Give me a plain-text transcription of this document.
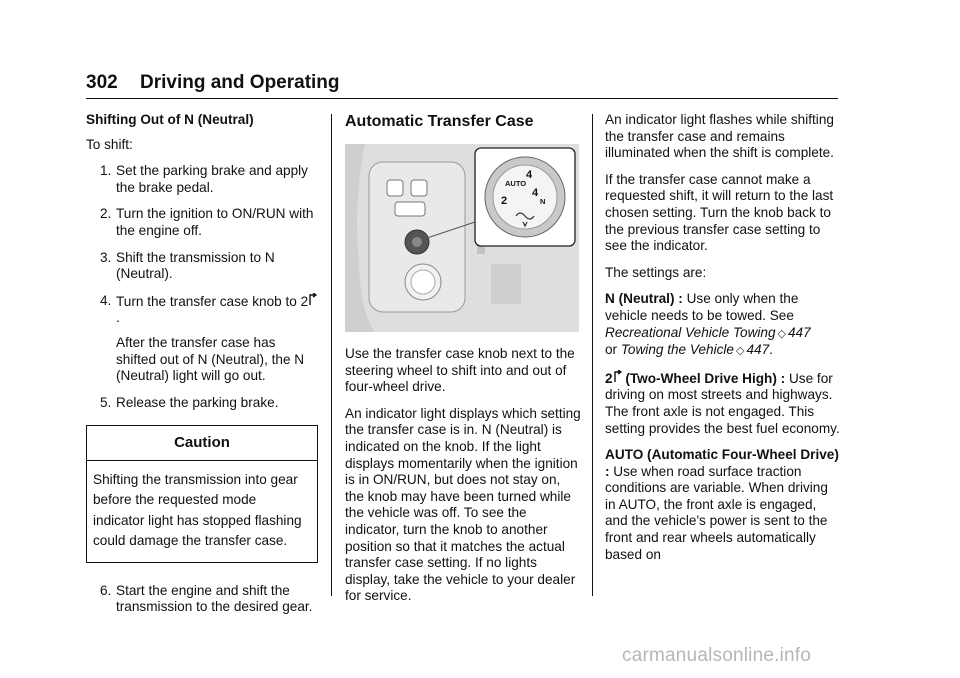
302 Driving and Operating

Shifting Out of N (Neutral)

To shift:

1. Set the parking brake and apply the brake pedal.
2. Turn the ignition to ON/RUN with the engine off.
3. Shift the transmission to N (Neutral).
4. Turn the transfer case knob to 2.
After the transfer case has shifted out of N (Neutral), the N (Neutral) light will go out.
5. Release the parking brake.
Caution
Shifting the transmission into gear before the requested mode indicator light has stopped flashing could damage the transfer case.
6. Start the engine and shift the transmission to the desired gear.

Automatic Transfer Case

AUTO
4
4
2	N

Use the transfer case knob next to the steering wheel to shift into and out of four-wheel drive.

An indicator light displays which setting the transfer case is in. N (Neutral) is indicated on the knob. If the light displays momentarily when the ignition is in ON/RUN, but does not stay on, the knob may have been turned while the vehicle was off. To see the indicator, turn the knob to another position so that it matches the actual transfer case setting. If no lights display, take the vehicle to your dealer for service.

An indicator light flashes while shifting the transfer case and remains illuminated when the shift is complete.

If the transfer case cannot make a requested shift, it will return to the last chosen setting. Turn the knob back to the previous transfer case setting to see the indicator.

The settings are:

N (Neutral) : Use only when the vehicle needs to be towed. See Recreational Vehicle Towing ◇ 447
or Towing the Vehicle ◇ 447.

2 (Two-Wheel Drive High) : Use for driving on most streets and highways. The front axle is not engaged. This setting provides the best fuel economy.

AUTO (Automatic Four-Wheel Drive) : Use when road surface traction conditions are variable. When driving in AUTO, the front axle is engaged, and the vehicle's power is sent to the front and rear wheels automatically based on

carmanualsonline.info
